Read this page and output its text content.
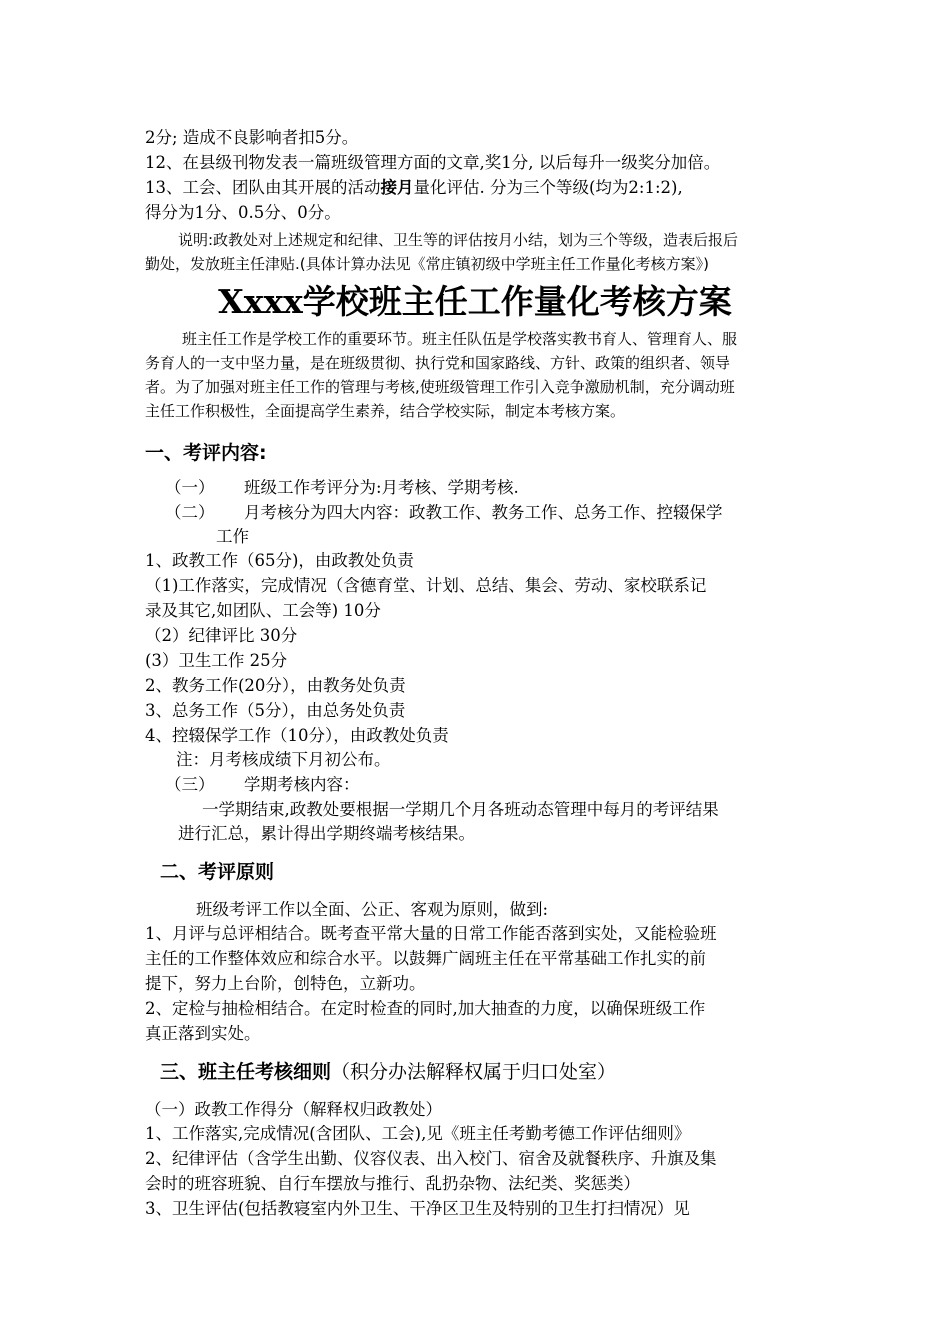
2分; 造成不良影响者扣5分。
12、在县级刊物发表一篇班级管理方面的文章,奖1分, 以后每升一级奖分加倍。
13、工会、团队由其开展的活动接月量化评估. 分为三个等级(均为2:1:2),
得分为1分、0.5分、0分。
说明:政教处对上述规定和纪律、卫生等的评估按月小结，划为三个等级，造表后报后
勤处，发放班主任津贴.(具体计算办法见《常庄镇初级中学班主任工作量化考核方案》)
Xxxx学校班主任工作量化考核方案
班主任工作是学校工作的重要环节。班主任队伍是学校落实教书育人、管理育人、服
务育人的一支中坚力量，是在班级贯彻、执行党和国家路线、方针、政策的组织者、领导
者。为了加强对班主任工作的管理与考核,使班级管理工作引入竞争激励机制，充分调动班
主任工作积极性，全面提高学生素养，结合学校实际，制定本考核方案。
一、考评内容:
（一） 班级工作考评分为:月考核、学期考核.
（二） 月考核分为四大内容：政教工作、教务工作、总务工作、控辍保学
工作
1、政教工作（65分)，由政教处负责
（1)工作落实，完成情况（含德育堂、计划、总结、集会、劳动、家校联系记
录及其它,如团队、工会等) 10分
（2）纪律评比 30分
(3）卫生工作 25分
2、教务工作(20分），由教务处负责
3、总务工作（5分），由总务处负责
4、控辍保学工作（10分），由政教处负责
注：月考核成绩下月初公布。
（三） 学期考核内容：
一学期结束,政教处要根据一学期几个月各班动态管理中每月的考评结果
进行汇总，累计得出学期终端考核结果。
二、考评原则
班级考评工作以全面、公正、客观为原则，做到:
1、月评与总评相结合。既考查平常大量的日常工作能否落到实处，又能检验班
主任的工作整体效应和综合水平。以鼓舞广阔班主任在平常基础工作扎实的前
提下，努力上台阶，创特色，立新功。
2、定检与抽检相结合。在定时检查的同时,加大抽查的力度，以确保班级工作
真正落到实处。
三、班主任考核细则（积分办法解释权属于归口处室）
（一）政教工作得分（解释权归政教处）
1、工作落实,完成情况(含团队、工会),见《班主任考勤考德工作评估细则》
2、纪律评估（含学生出勤、仪容仪表、出入校门、宿舍及就餐秩序、升旗及集
会时的班容班貌、自行车摆放与推行、乱扔杂物、法纪类、奖惩类）
3、卫生评估(包括教寝室内外卫生、干净区卫生及特别的卫生打扫情况）见
